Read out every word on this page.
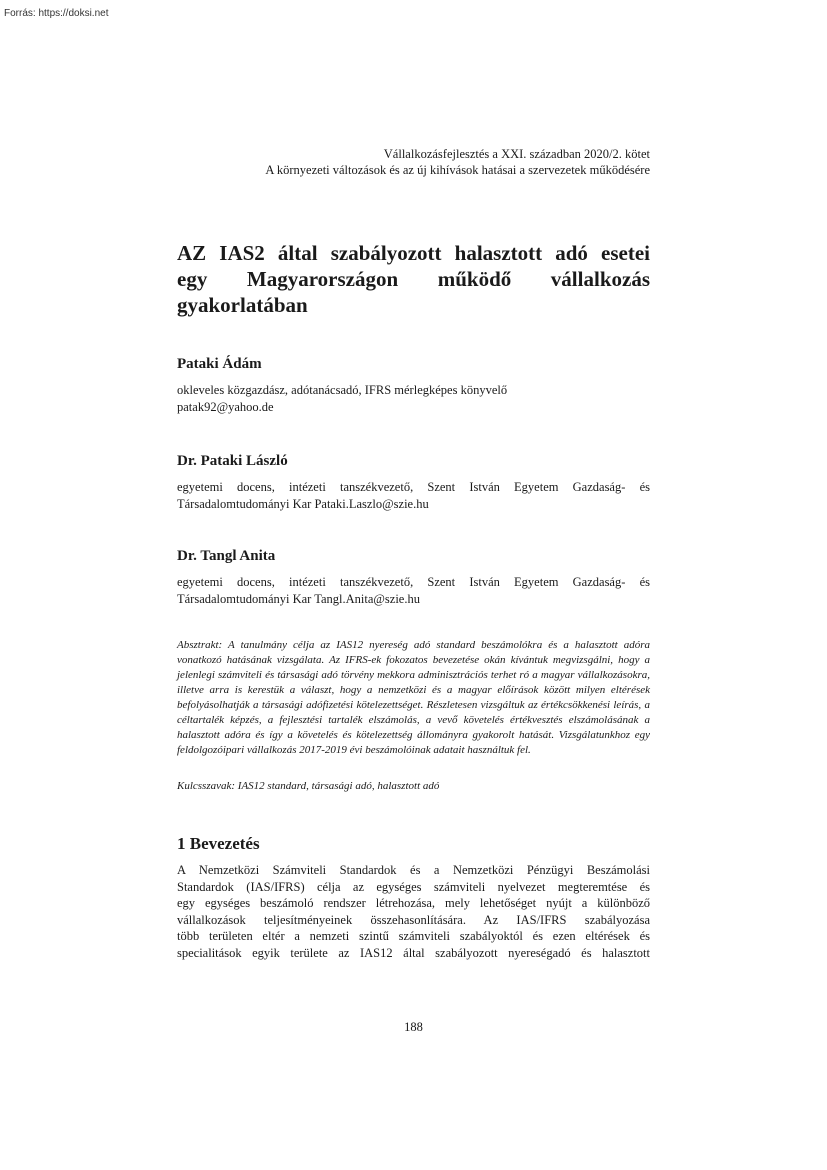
Forrás: https://doksi.net
Vállalkozásfejlesztés a XXI. században 2020/2. kötet
A környezeti változások és az új kihívások hatásai a szervezetek működésére
AZ IAS2 által szabályozott halasztott adó esetei
egy Magyarországon működő vállalkozás
gyakorlatában

Pataki Ádám

okleveles közgazdász, adótanácsadó, IFRS mérlegképes könyvelő
patak92@yahoo.de

Dr. Pataki László

egyetemi docens, intézeti tanszékvezető, Szent István Egyetem Gazdaság- és
Társadalomtudományi Kar Pataki.Laszlo@szie.hu

Dr. Tangl Anita

egyetemi docens, intézeti tanszékvezető, Szent István Egyetem Gazdaság- és
Társadalomtudományi Kar Tangl.Anita@szie.hu
Absztrakt: A tanulmány célja az IAS12 nyereség adó standard beszámolókra és a halasztott adóra vonatkozó hatásának vizsgálata. Az IFRS-ek fokozatos bevezetése okán kívántuk megvizsgálni, hogy a jelenlegi számviteli és társasági adó törvény mekkora adminisztrációs terhet ró a magyar vállalkozásokra, illetve arra is kerestük a választ, hogy a nemzetközi és a magyar előírások között milyen eltérések befolyásolhatják a társasági adófizetési kötelezettséget. Részletesen vizsgáltuk az értékcsökkenési leírás, a céltartalék képzés, a fejlesztési tartalék elszámolás, a vevő követelés értékvesztés elszámolásának a halasztott adóra és így a követelés és kötelezettség állományra gyakorolt hatását. Vizsgálatunkhoz egy feldolgozóipari vállalkozás 2017-2019 évi beszámolóinak adatait használtuk fel.
Kulcsszavak: IAS12 standard, társasági adó, halasztott adó
1 Bevezetés
A Nemzetközi Számviteli Standardok és a Nemzetközi Pénzügyi Beszámolási
Standardok (IAS/IFRS) célja az egységes számviteli nyelvezet megteremtése és
egy egységes beszámoló rendszer létrehozása, mely lehetőséget nyújt a különböző
vállalkozások teljesítményeinek összehasonlítására. Az IAS/IFRS szabályozása
több területen eltér a nemzeti szintű számviteli szabályoktól és ezen eltérések és
specialitások egyik területe az IAS12 által szabályozott nyereségadó és halasztott
188
